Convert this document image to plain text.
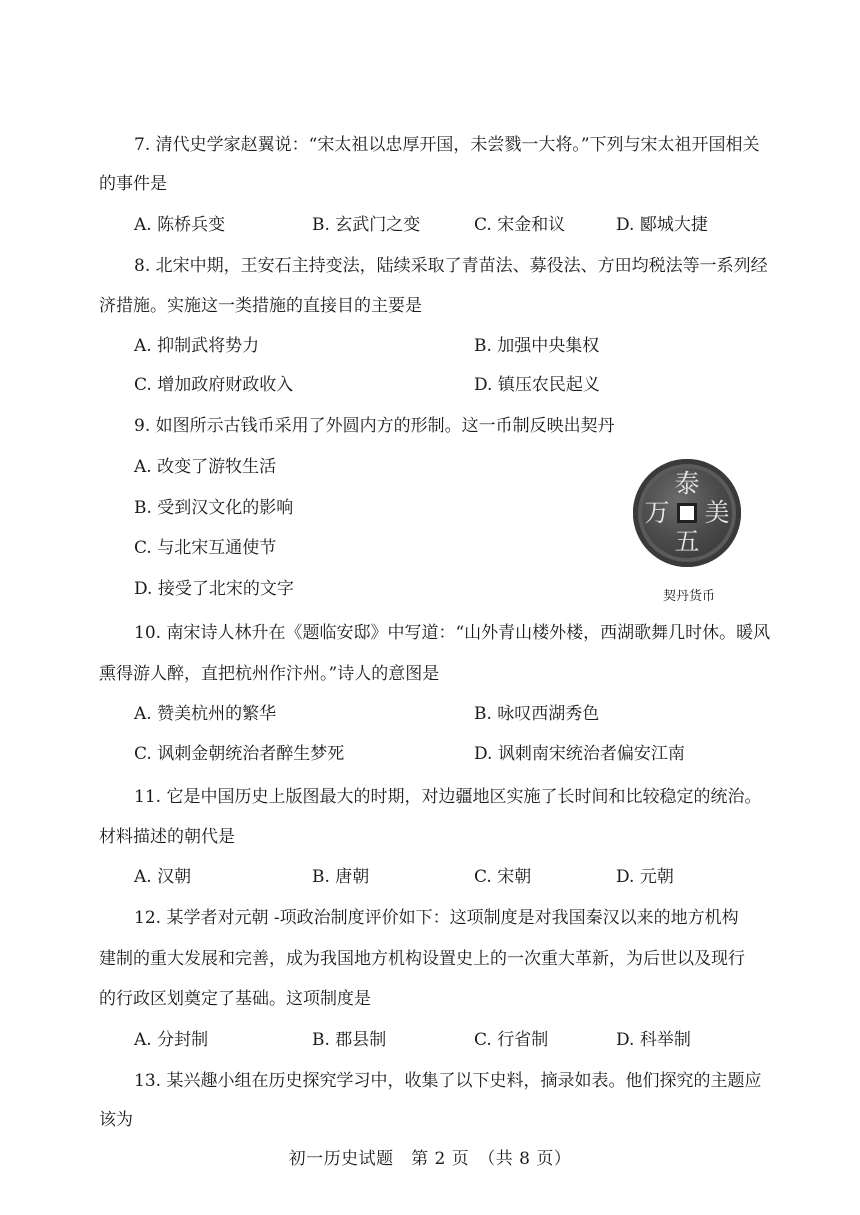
7. 清代史学家赵翼说：“宋太祖以忠厚开国，未尝戮一大将。”下列与宋太祖开国相关
的事件是
A. 陈桥兵变	B. 玄武门之变	C. 宋金和议	D. 郾城大捷
8. 北宋中期，王安石主持变法，陆续采取了青苗法、募役法、方田均税法等一系列经
济措施。实施这一类措施的直接目的主要是
A. 抑制武将势力	B. 加强中央集权
C. 增加政府财政收入	D. 镇压农民起义
9. 如图所示古钱币采用了外圆内方的形制。这一币制反映出契丹
A. 改变了游牧生活
B. 受到汉文化的影响
C. 与北宋互通使节
D. 接受了北宋的文字
泰
美
五
万
契丹货币
10. 南宋诗人林升在《题临安邸》中写道：“山外青山楼外楼，西湖歌舞几时休。暖风
熏得游人醉，直把杭州作汴州。”诗人的意图是
A. 赞美杭州的繁华	B. 咏叹西湖秀色
C. 讽刺金朝统治者醉生梦死	D. 讽刺南宋统治者偏安江南
11. 它是中国历史上版图最大的时期，对边疆地区实施了长时间和比较稳定的统治。
材料描述的朝代是
A. 汉朝	B. 唐朝	C. 宋朝	D. 元朝
12. 某学者对元朝 -项政治制度评价如下：这项制度是对我国秦汉以来的地方机构
建制的重大发展和完善，成为我国地方机构设置史上的一次重大革新，为后世以及现行
的行政区划奠定了基础。这项制度是
A. 分封制	B. 郡县制	C. 行省制	D. 科举制
13. 某兴趣小组在历史探究学习中，收集了以下史料，摘录如表。他们探究的主题应
该为
初一历史试题　第 2 页　（共 8 页）
